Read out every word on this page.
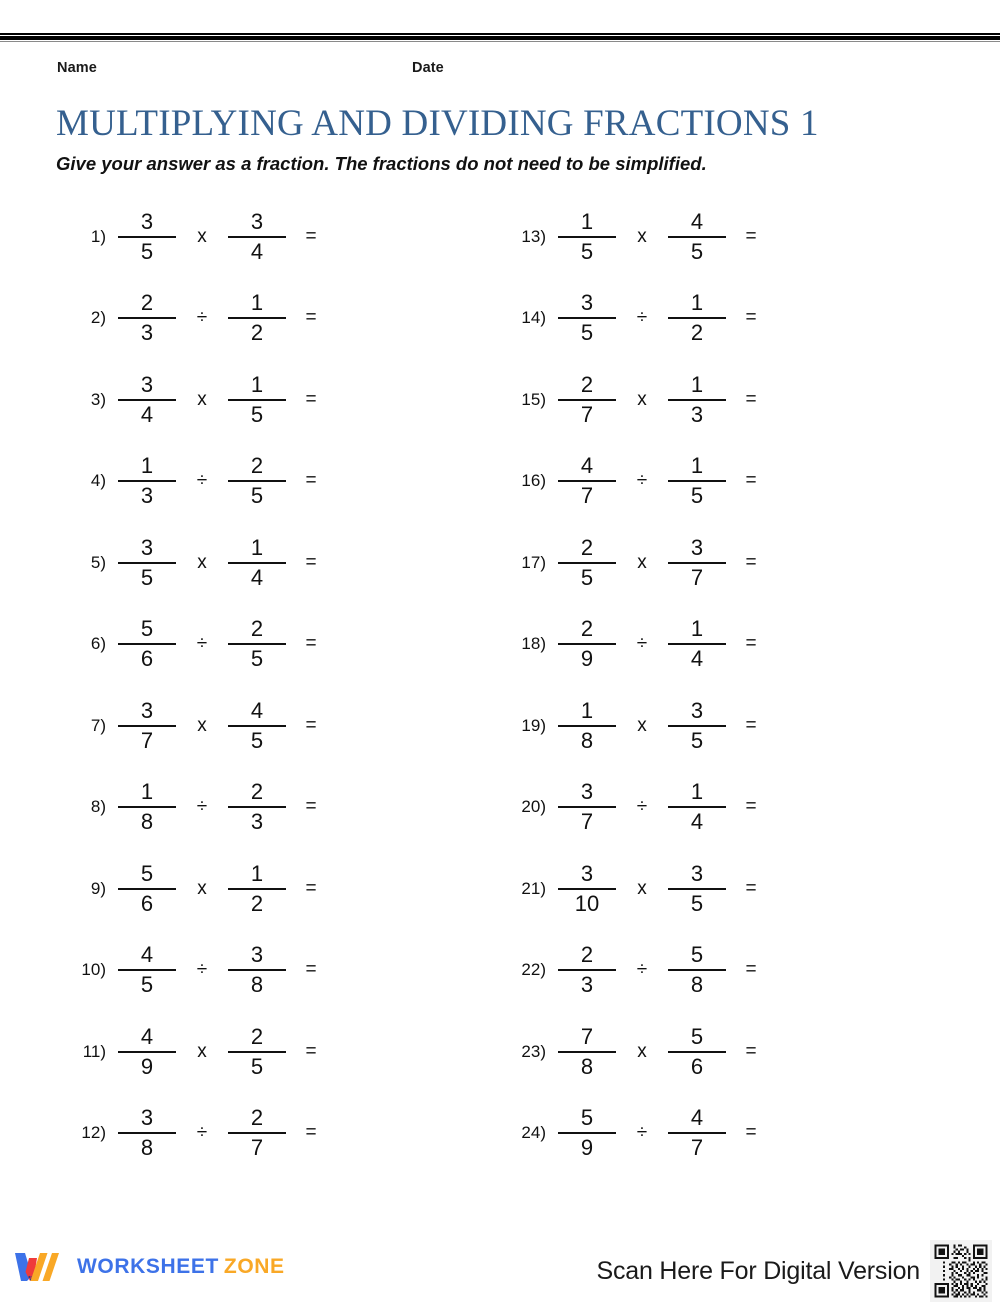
Name	Date
MULTIPLYING AND DIVIDING FRACTIONS 1
Give your answer as a fraction. The fractions do not need to be simplified.
$1) \frac{3}{5}$ x $\frac{3}{4}$ =
$2) \frac{2}{3} \div \frac{1}{2}$ =
$3) \frac{3}{4}$ x $\frac{1}{5}$ =
$4) \frac{1}{3} \div \frac{2}{5}$ =
$5) \frac{3}{5}$ x $\frac{1}{4}$ =
$6) \frac{5}{6} \div \frac{2}{5}$ =
$7) \frac{3}{7}$ x $\frac{4}{5}$ =
$8) \frac{1}{8} \div \frac{2}{3}$ =
$9) \frac{5}{6}$ x $\frac{1}{2}$ =
$10) \frac{4}{5} \div \frac{3}{8}$ =
$11) \frac{4}{9}$ x $\frac{2}{5}$ =
$12) \frac{3}{8} \div \frac{2}{7}$ =
$13) \frac{1}{5}$ x $\frac{4}{5}$ =
$14) \frac{3}{5} \div \frac{1}{2}$ =
$15) \frac{2}{7}$ x $\frac{1}{3}$ =
$16) \frac{4}{7} \div \frac{1}{5}$ =
$17) \frac{2}{5}$ x $\frac{3}{7}$ =
$18) \frac{2}{9} \div \frac{1}{4}$ =
$19) \frac{1}{8}$ x $\frac{3}{5}$ =
$20) \frac{3}{7} \div \frac{1}{4}$ =
$21) \frac{3}{10}$ x $\frac{3}{5}$ =
$22) \frac{2}{3} \div \frac{5}{8}$ =
$23) \frac{7}{8}$ x $\frac{5}{6}$ =
$24) \frac{5}{9} \div \frac{4}{7}$ =
WORKSHEET ZONE	Scan Here For Digital Version
